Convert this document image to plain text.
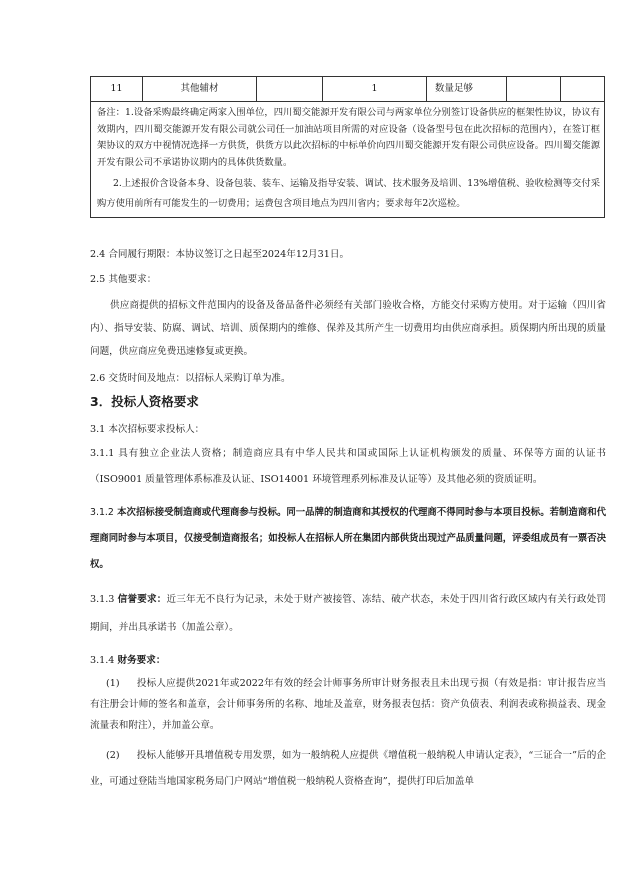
11	其他辅材		1	数量足够		

备注：1.设备采购最终确定两家入围单位，四川蜀交能源开发有限公司与两家单位分别签订设备供应的框架性协议，协议有效期内，四川蜀交能源开发有限公司就公司任一加油站项目所需的对应设备（设备型号包在此次招标的范围内），在签订框架协议的双方中视情况选择一方供货，供货方以此次招标的中标单价向四川蜀交能源开发有限公司供应设备。四川蜀交能源开发有限公司不承诺协议期内的具体供货数量。

2.上述报价含设备本身、设备包装、装车、运输及指导安装、调试、技术服务及培训、13%增值税、验收检测等交付采购方使用前所有可能发生的一切费用；运费包含项目地点为四川省内；要求每年2次巡检。

2.4 合同履行期限：本协议签订之日起至2024年12月31日。
2.5 其他要求：
供应商提供的招标文件范围内的设备及备品备件必须经有关部门验收合格，方能交付采购方使用。对于运输（四川省内）、指导安装、防腐、调试、培训、质保期内的维修、保养及其所产生一切费用均由供应商承担。质保期内所出现的质量问题，供应商应免费迅速修复或更换。
2.6 交货时间及地点：以招标人采购订单为准。
3．投标人资格要求
3.1 本次招标要求投标人：
3.1.1 具有独立企业法人资格；制造商应具有中华人民共和国或国际上认证机构颁发的质量、环保等方面的认证书（ISO9001 质量管理体系标准及认证、ISO14001 环境管理系列标准及认证等）及其他必须的资质证明。
3.1.2 本次招标接受制造商或代理商参与投标。同一品牌的制造商和其授权的代理商不得同时参与本项目投标。若制造商和代理商同时参与本项目，仅接受制造商报名；如投标人在招标人所在集团内部供货出现过产品质量问题，评委组成员有一票否决权。
3.1.3 信誉要求：近三年无不良行为记录，未处于财产被接管、冻结、破产状态，未处于四川省行政区域内有关行政处罚期间，并出具承诺书（加盖公章）。
3.1.4 财务要求：
(1) 投标人应提供2021年或2022年有效的经会计师事务所审计财务报表且未出现亏损（有效是指：审计报告应当有注册会计师的签名和盖章，会计师事务所的名称、地址及盖章，财务报表包括：资产负债表、利润表或称损益表、现金流量表和附注），并加盖公章。
(2) 投标人能够开具增值税专用发票，如为一般纳税人应提供《增值税一般纳税人申请认定表》，“三证合一”后的企业，可通过登陆当地国家税务局门户网站“增值税一般纳税人资格查询”，提供打印后加盖单
